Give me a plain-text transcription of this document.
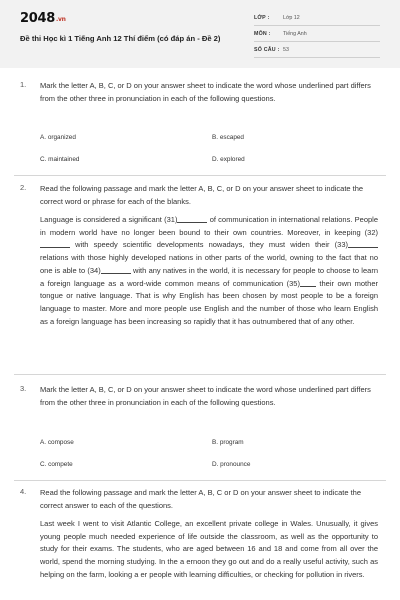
2048.vn
Đề thi Học kì 1 Tiếng Anh 12 Thí điểm (có đáp án - Đề 2)
LỚP :	Lớp 12
MÔN : Tiếng Anh
SỐ CÂU : 53
1. Mark the letter A, B, C, or D on your answer sheet to indicate the word whose underlined part differs from the other three in pronunciation in each of the following questions.
A. organized	B. escaped
C. maintained	D. explored
2. Read the following passage and mark the letter A, B, C, or D on your answer sheet to indicate the correct word or phrase for each of the blanks.
Language is considered a significant (31)	of communication in international relations. People in modern world have no longer been bound to their own countries. Moreover, in keeping (32) with speedy scientific developments nowadays, they must widen their (33) relations with those highly developed nations in other parts of the world, owning to the fact that no one is able to (34)	with any natives in the world, it is necessary for people to choose to learn a foreign language as a word-wide common means of communication (35) their own mother tongue or native language. That is why English has been chosen by most people to be a foreign language to master. More and more people use English and the number of those who learn English as a foreign language has been increasing so rapidly that it has outnumbered that of any other.
3. Mark the letter A, B, C, or D on your answer sheet to indicate the word whose underlined part differs from the other three in pronunciation in each of the following questions.
A. compose	B. program
C. compete	D. pronounce
4. Read the following passage and mark the letter A, B, C or D on your answer sheet to indicate the correct answer to each of the questions.
Last week I went to visit Atlantic College, an excellent private college in Wales. Unusually, it gives young people much needed experience of life outside the classroom, as well as the opportunity to study for their exams. The students, who are aged between 16 and 18 and come from all over the world, spend the morning studying. In the a ernoon they go out and do a really useful activity, such as helping on the farm, looking a er people with learning difficulties, or checking for pollution in rivers.
